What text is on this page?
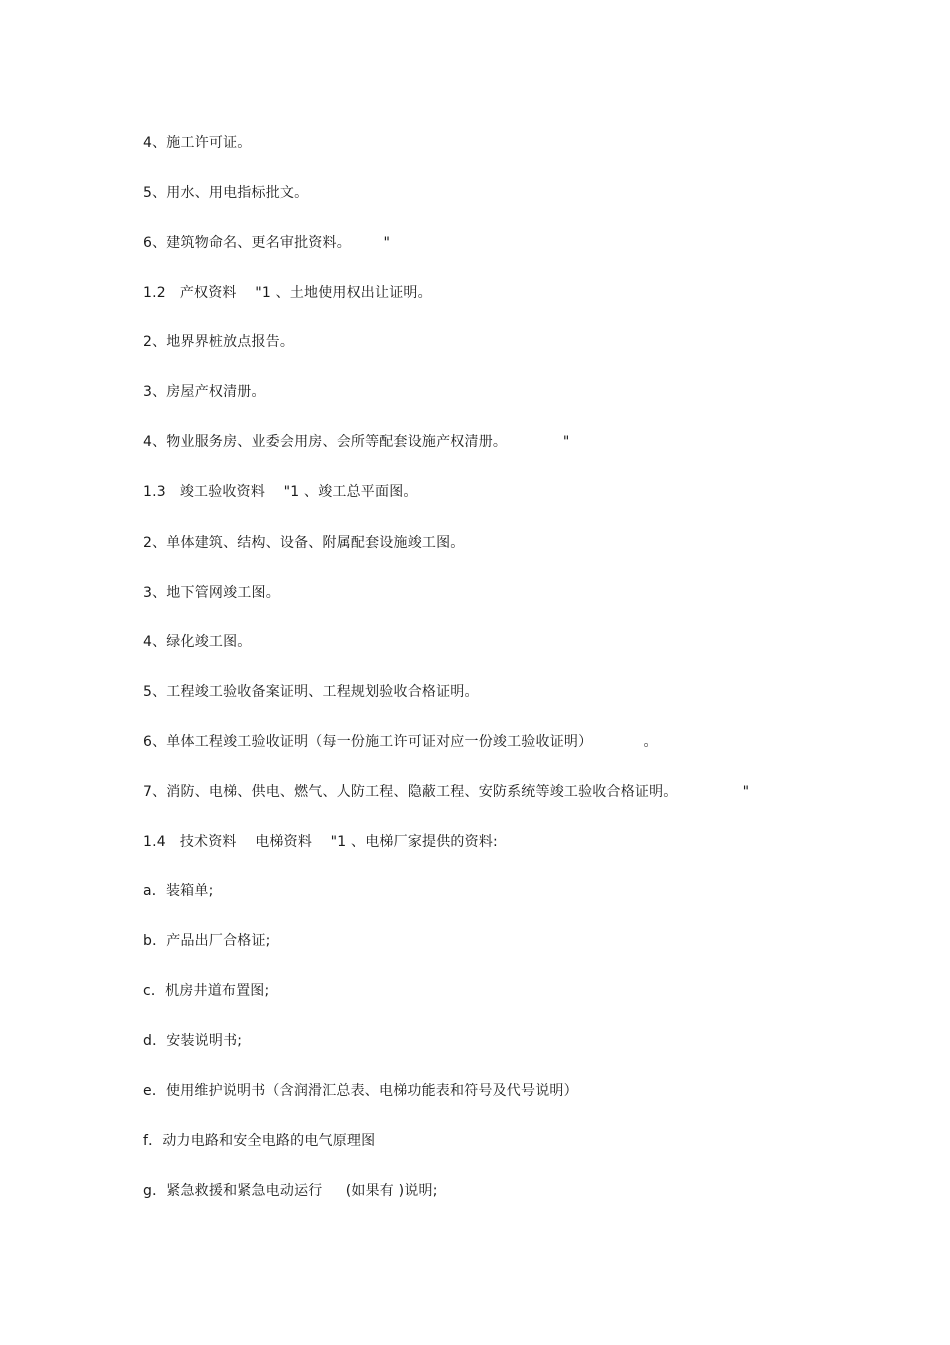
4、施工许可证。
5、用水、用电指标批文。
6、建筑物命名、更名审批资料。       "
1.2   产权资料    "1 、土地使用权出让证明。
2、地界界桩放点报告。
3、房屋产权清册。
4、物业服务房、业委会用房、会所等配套设施产权清册。            "
1.3   竣工验收资料    "1 、竣工总平面图。
2、单体建筑、结构、设备、附属配套设施竣工图。
3、地下管网竣工图。
4、绿化竣工图。
5、工程竣工验收备案证明、工程规划验收合格证明。
6、单体工程竣工验收证明（每一份施工许可证对应一份竣工验收证明）           。
7、消防、电梯、供电、燃气、人防工程、隐蔽工程、安防系统等竣工验收合格证明。              "
1.4   技术资料    电梯资料    "1 、电梯厂家提供的资料:
a．装箱单;
b．产品出厂合格证;
c．机房井道布置图;
d．安装说明书;
e．使用维护说明书（含润滑汇总表、电梯功能表和符号及代号说明）
f．动力电路和安全电路的电气原理图
g．紧急救援和紧急电动运行     (如果有 )说明;
